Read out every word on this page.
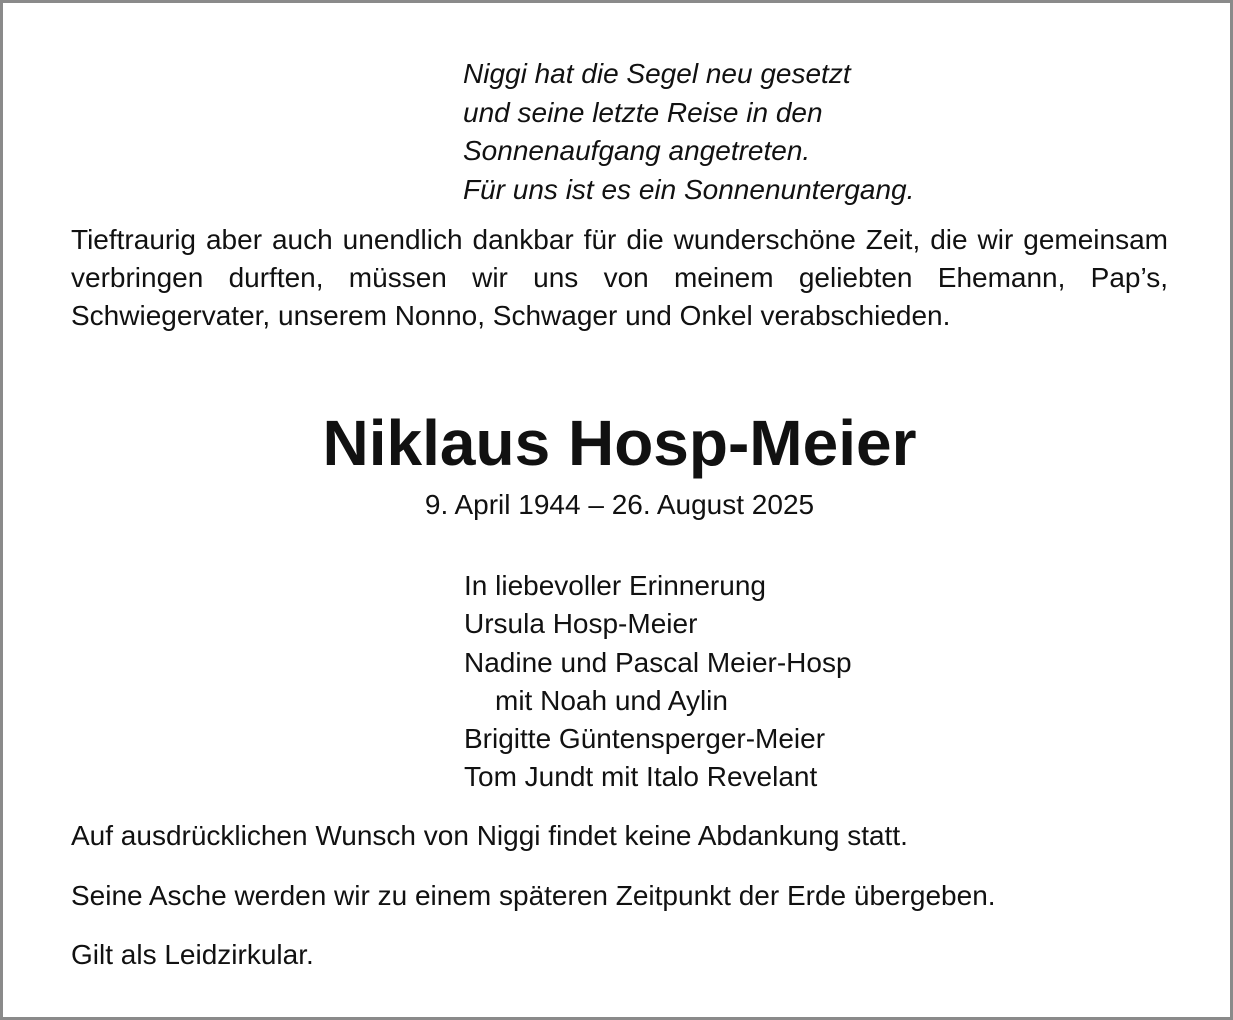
Niggi hat die Segel neu gesetzt
und seine letzte Reise in den
Sonnenaufgang angetreten.
Für uns ist es ein Sonnenuntergang.
Tieftraurig aber auch unendlich dankbar für die wunderschöne Zeit, die wir gemeinsam verbringen durften, müssen wir uns von meinem geliebten Ehemann, Pap’s, Schwiegervater, unserem Nonno, Schwager und Onkel verabschieden.
Niklaus Hosp-Meier
9. April 1944 – 26. August 2025
In liebevoller Erinnerung
Ursula Hosp-Meier
Nadine und Pascal Meier-Hosp
mit Noah und Aylin
Brigitte Güntensperger-Meier
Tom Jundt mit Italo Revelant
Auf ausdrücklichen Wunsch von Niggi findet keine Abdankung statt.
Seine Asche werden wir zu einem späteren Zeitpunkt der Erde übergeben.
Gilt als Leidzirkular.
